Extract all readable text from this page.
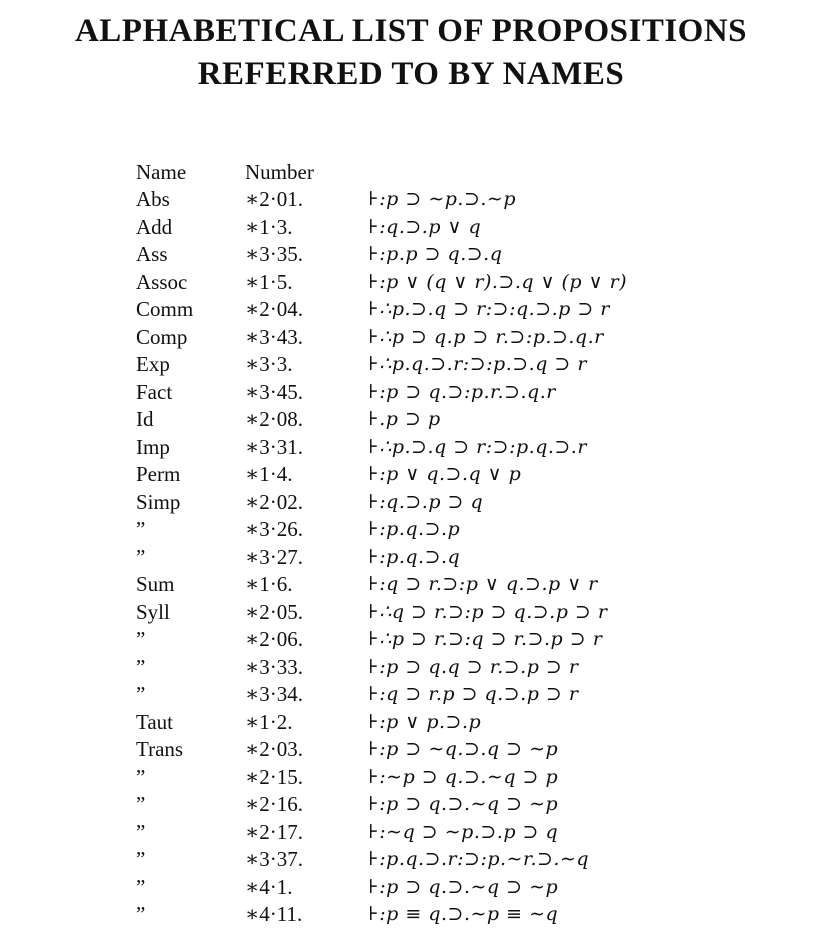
ALPHABETICAL LIST OF PROPOSITIONS
REFERRED TO BY NAMES
Name	Number
Abs	∗2·01.	⊦:p ⊃ ∼p.⊃.∼p
Add	∗1·3.	⊦:q.⊃.p ∨ q
Ass	∗3·35.	⊦:p.p ⊃ q.⊃.q
Assoc	∗1·5.	⊦:p ∨ (q ∨ r).⊃.q ∨ (p ∨ r)
Comm ∗2·04.	⊦∴p.⊃.q ⊃ r:⊃:q.⊃.p ⊃ r
Comp	∗3·43.	⊦∴p ⊃ q.p ⊃ r.⊃:p.⊃.q.r
Exp	∗3·3.	⊦∴p.q.⊃.r:⊃:p.⊃.q ⊃ r
Fact	∗3·45.	⊦:p ⊃ q.⊃:p.r.⊃.q.r
Id	∗2·08.	⊦.p ⊃ p
Imp	∗3·31.	⊦∴p.⊃.q ⊃ r:⊃:p.q.⊃.r
Perm	∗1·4.	⊦:p ∨ q.⊃.q ∨ p
Simp	∗2·02.	⊦:q.⊃.p ⊃ q
”	∗3·26.	⊦:p.q.⊃.p
”	∗3·27.	⊦:p.q.⊃.q
Sum	∗1·6.	⊦:q ⊃ r.⊃:p ∨ q.⊃.p ∨ r
Syll	∗2·05.	⊦∴q ⊃ r.⊃:p ⊃ q.⊃.p ⊃ r
”	∗2·06.	⊦∴p ⊃ r.⊃:q ⊃ r.⊃.p ⊃ r
”	∗3·33.	⊦:p ⊃ q.q ⊃ r.⊃.p ⊃ r
”	∗3·34.	⊦:q ⊃ r.p ⊃ q.⊃.p ⊃ r
Taut	∗1·2.	⊦:p ∨ p.⊃.p
Trans	∗2·03.	⊦:p ⊃ ∼q.⊃.q ⊃ ∼p
”	∗2·15.	⊦:∼p ⊃ q.⊃.∼q ⊃ p
”	∗2·16.	⊦:p ⊃ q.⊃.∼q ⊃ ∼p
”	∗2·17.	⊦:∼q ⊃ ∼p.⊃.p ⊃ q
”	∗3·37.	⊦:p.q.⊃.r:⊃:p.∼r.⊃.∼q
”	∗4·1.	⊦:p ⊃ q.⊃.∼q ⊃ ∼p
”	∗4·11.	⊦:p ≡ q.⊃.∼p ≡ ∼q
